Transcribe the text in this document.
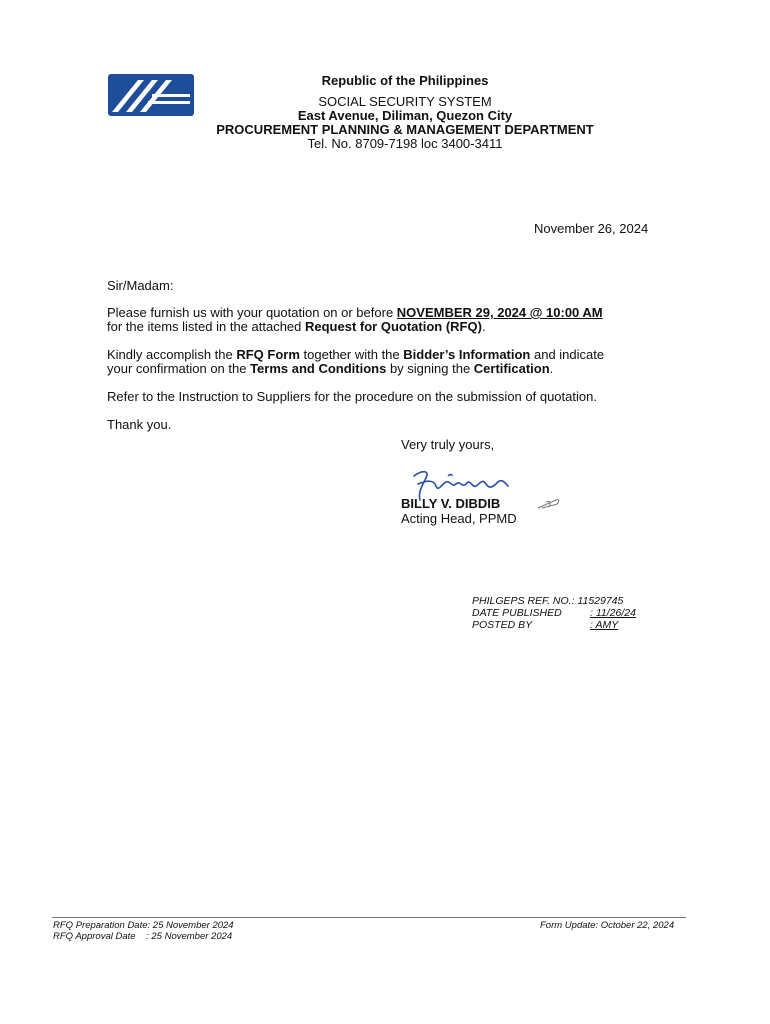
Republic of the Philippines
SOCIAL SECURITY SYSTEM
East Avenue, Diliman, Quezon City
PROCUREMENT PLANNING & MANAGEMENT DEPARTMENT
Tel. No. 8709-7198 loc 3400-3411
November 26, 2024
Sir/Madam:
Please furnish us with your quotation on or before NOVEMBER 29, 2024 @ 10:00 AM
for the items listed in the attached Request for Quotation (RFQ).
Kindly accomplish the RFQ Form together with the Bidder’s Information and indicate
your confirmation on the Terms and Conditions by signing the Certification.
Refer to the Instruction to Suppliers for the procedure on the submission of quotation.
Thank you.
Very truly yours,
BILLY V. DIBDIB
Acting Head, PPMD
PHILGEPS REF. NO.: 11529745
DATE PUBLISHED	: 11/26/24
POSTED BY	: AMY
RFQ Preparation Date: 25 November 2024
RFQ Approval Date    : 25 November 2024
Form Update: October 22, 2024
